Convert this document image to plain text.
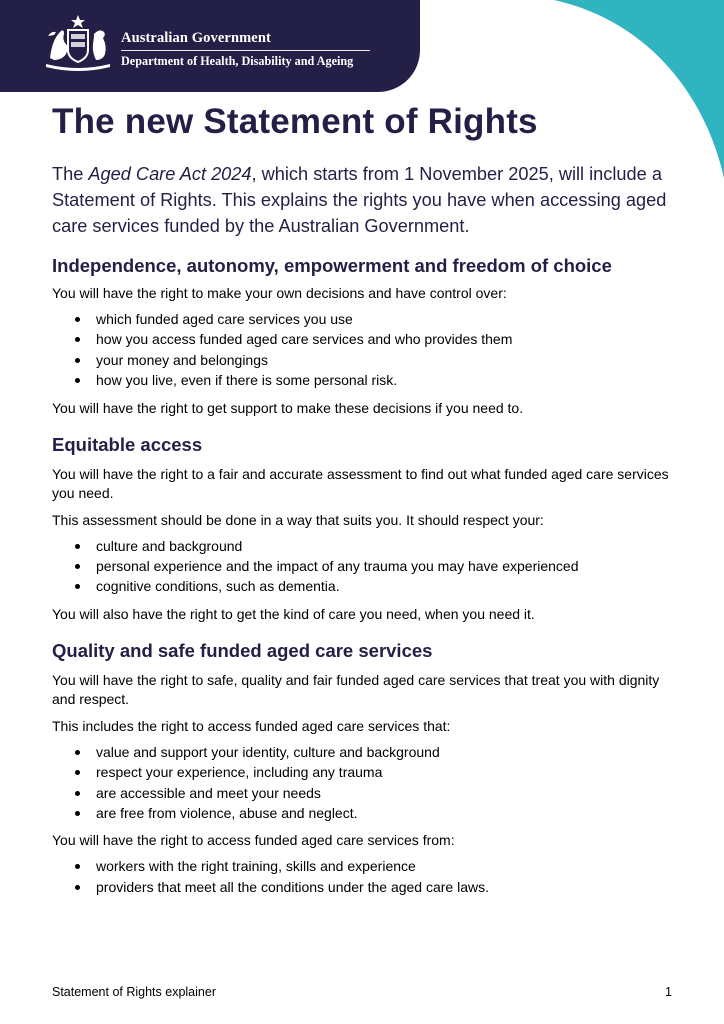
Australian Government
Department of Health, Disability and Ageing
The new Statement of Rights

The Aged Care Act 2024, which starts from 1 November 2025, will include a Statement of Rights. This explains the rights you have when accessing aged care services funded by the Australian Government.

Independence, autonomy, empowerment and freedom of choice

You will have the right to make your own decisions and have control over:

which funded aged care services you use
how you access funded aged care services and who provides them
your money and belongings
how you live, even if there is some personal risk.

You will have the right to get support to make these decisions if you need to.

Equitable access

You will have the right to a fair and accurate assessment to find out what funded aged care services you need.

This assessment should be done in a way that suits you. It should respect your:

culture and background
personal experience and the impact of any trauma you may have experienced
cognitive conditions, such as dementia.

You will also have the right to get the kind of care you need, when you need it.

Quality and safe funded aged care services

You will have the right to safe, quality and fair funded aged care services that treat you with dignity and respect.

This includes the right to access funded aged care services that:

value and support your identity, culture and background
respect your experience, including any trauma
are accessible and meet your needs
are free from violence, abuse and neglect.

You will have the right to access funded aged care services from:

workers with the right training, skills and experience
providers that meet all the conditions under the aged care laws.
Statement of Rights explainer	1
